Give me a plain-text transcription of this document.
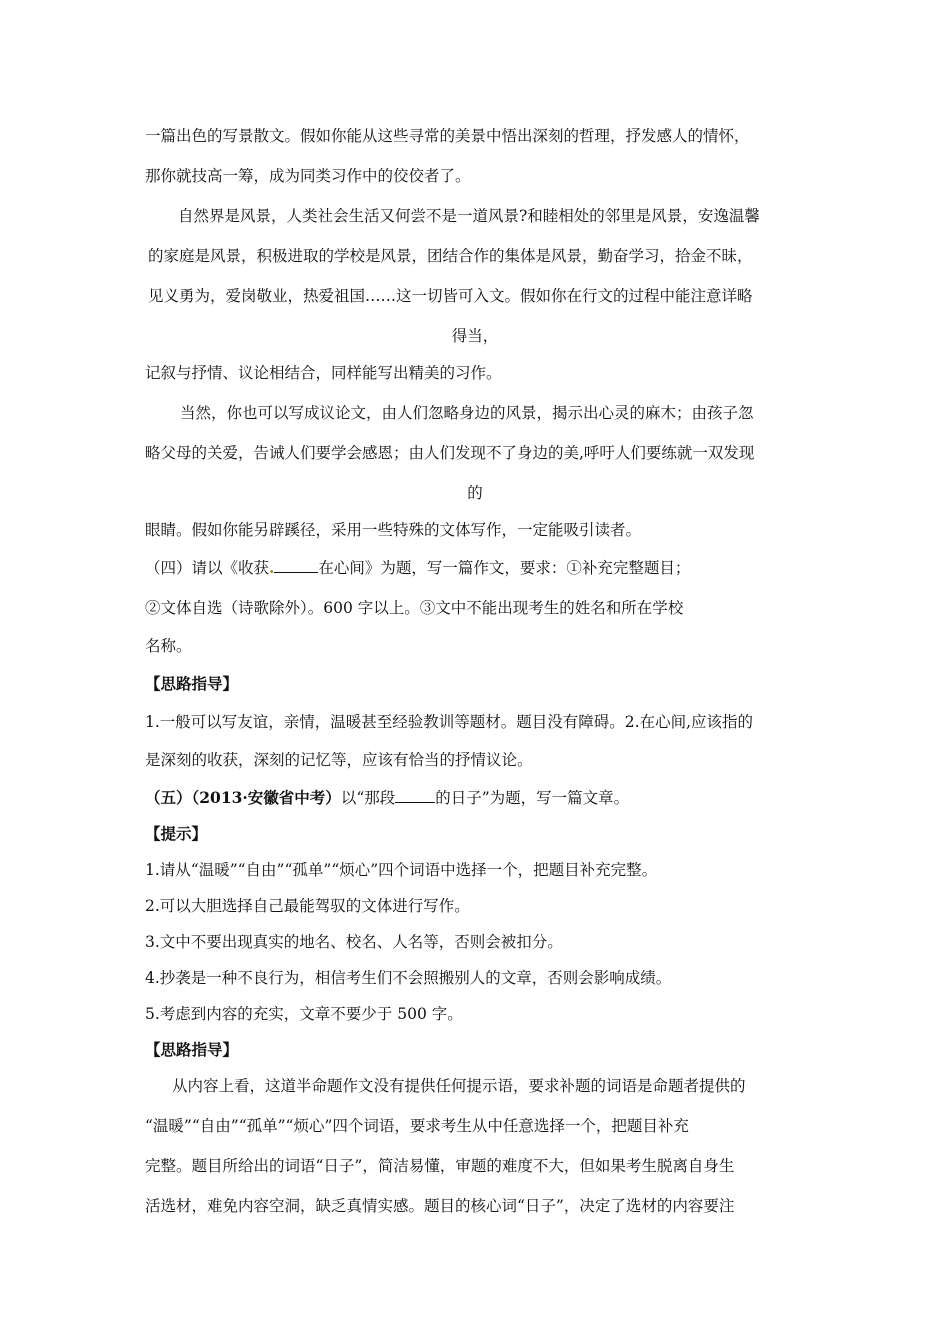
一篇出色的写景散文。假如你能从这些寻常的美景中悟出深刻的哲理，抒发感人的情怀，
那你就技高一筹，成为同类习作中的佼佼者了。
自然界是风景，人类社会生活又何尝不是一道风景?和睦相处的邻里是风景，安逸温馨
的家庭是风景，积极进取的学校是风景，团结合作的集体是风景，勤奋学习，拾金不昧，
见义勇为，爱岗敬业，热爱祖国……这一切皆可入文。假如你在行文的过程中能注意详略
得当，
记叙与抒情、议论相结合，同样能写出精美的习作。
当然，你也可以写成议论文，由人们忽略身边的风景，揭示出心灵的麻木；由孩子忽
略父母的关爱，告诫人们要学会感恩；由人们发现不了身边的美,呼吁人们要练就一双发现
的
眼睛。假如你能另辟蹊径，采用一些特殊的文体写作，一定能吸引读者。
（四）请以《收获.	在心间》为题，写一篇作文，要求：①补充完整题目；
②文体自选（诗歌除外）。600 字以上。③文中不能出现考生的姓名和所在学校
名称。
【思路指导】
1.一般可以写友谊，亲情，温暖甚至经验教训等题材。题目没有障碍。2.在心间,应该指的
是深刻的收获，深刻的记忆等，应该有恰当的抒情议论。
（五）（2013·安徽省中考）以“那段	的日子”为题，写一篇文章。
【提示】
1.请从“温暖”“自由”“孤单”“烦心”四个词语中选择一个，把题目补充完整。
2.可以大胆选择自己最能驾驭的文体进行写作。
3.文中不要出现真实的地名、校名、人名等，否则会被扣分。
4.抄袭是一种不良行为，相信考生们不会照搬别人的文章，否则会影响成绩。
5.考虑到内容的充实，文章不要少于 500 字。
【思路指导】
从内容上看，这道半命题作文没有提供任何提示语，要求补题的词语是命题者提供的
“温暖”“自由”“孤单”“烦心”四个词语，要求考生从中任意选择一个，把题目补充
完整。题目所给出的词语“日子”，简洁易懂，审题的难度不大，但如果考生脱离自身生
活选材，难免内容空洞，缺乏真情实感。题目的核心词“日子”，决定了选材的内容要注
